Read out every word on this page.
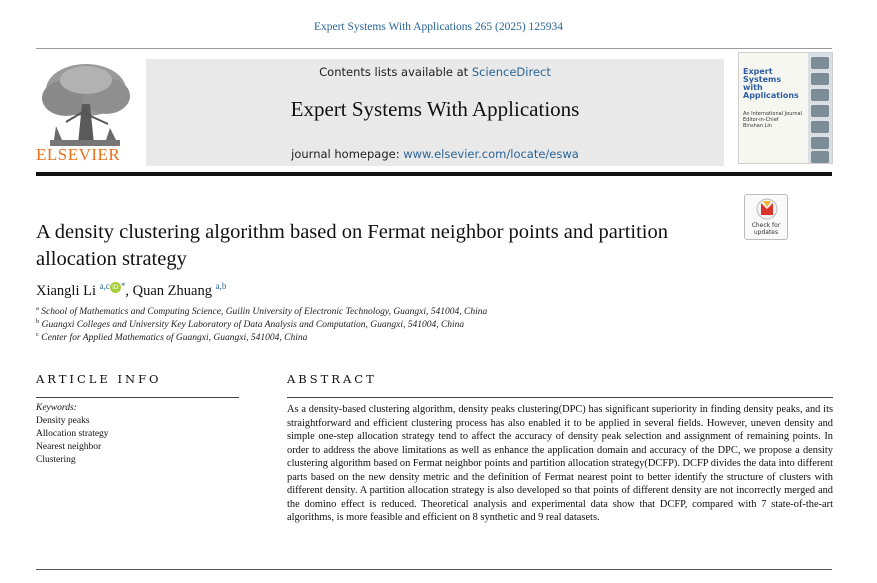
Expert Systems With Applications 265 (2025) 125934
ELSEVIER
Contents lists available at ScienceDirect
Expert Systems With Applications
journal homepage: www.elsevier.com/locate/eswa
Expert
Systems
with
Applications
An International Journal
Editor-in-Chief
Binshan Lin
Check for
updates
A density clustering algorithm based on Fermat neighbor points and partition
allocation strategy
Xiangli Li $^{a,c}$ iD *, Quan Zhuang $^{a,b}$
$^a$ School of Mathematics and Computing Science, Guilin University of Electronic Technology, Guangxi, 541004, China
$^b$ Guangxi Colleges and University Key Laboratory of Data Analysis and Computation, Guangxi, 541004, China
$^c$ Center for Applied Mathematics of Guangxi, Guangxi, 541004, China
ARTICLE INFO	ABSTRACT
Keywords:
Density peaks
Allocation strategy
Nearest neighbor
Clustering
As a density-based clustering algorithm, density peaks clustering(DPC) has significant superiority in finding density peaks, and its straightforward and efficient clustering process has also enabled it to be applied in several fields. However, uneven density and simple one-step allocation strategy tend to affect the accuracy of density peak selection and assignment of remaining points. In order to address the above limitations as well as enhance the application domain and accuracy of the DPC, we propose a density clustering algorithm based on Fermat neighbor points and partition allocation strategy(DCFP). DCFP divides the data into different parts based on the new density metric and the definition of Fermat nearest point to better identify the structure of clusters with different density. A partition allocation strategy is also developed so that points of different density are not incorrectly merged and the domino effect is reduced. Theoretical analysis and experimental data show that DCFP, compared with 7 state-of-the-art algorithms, is more feasible and efficient on 8 synthetic and 9 real datasets.
